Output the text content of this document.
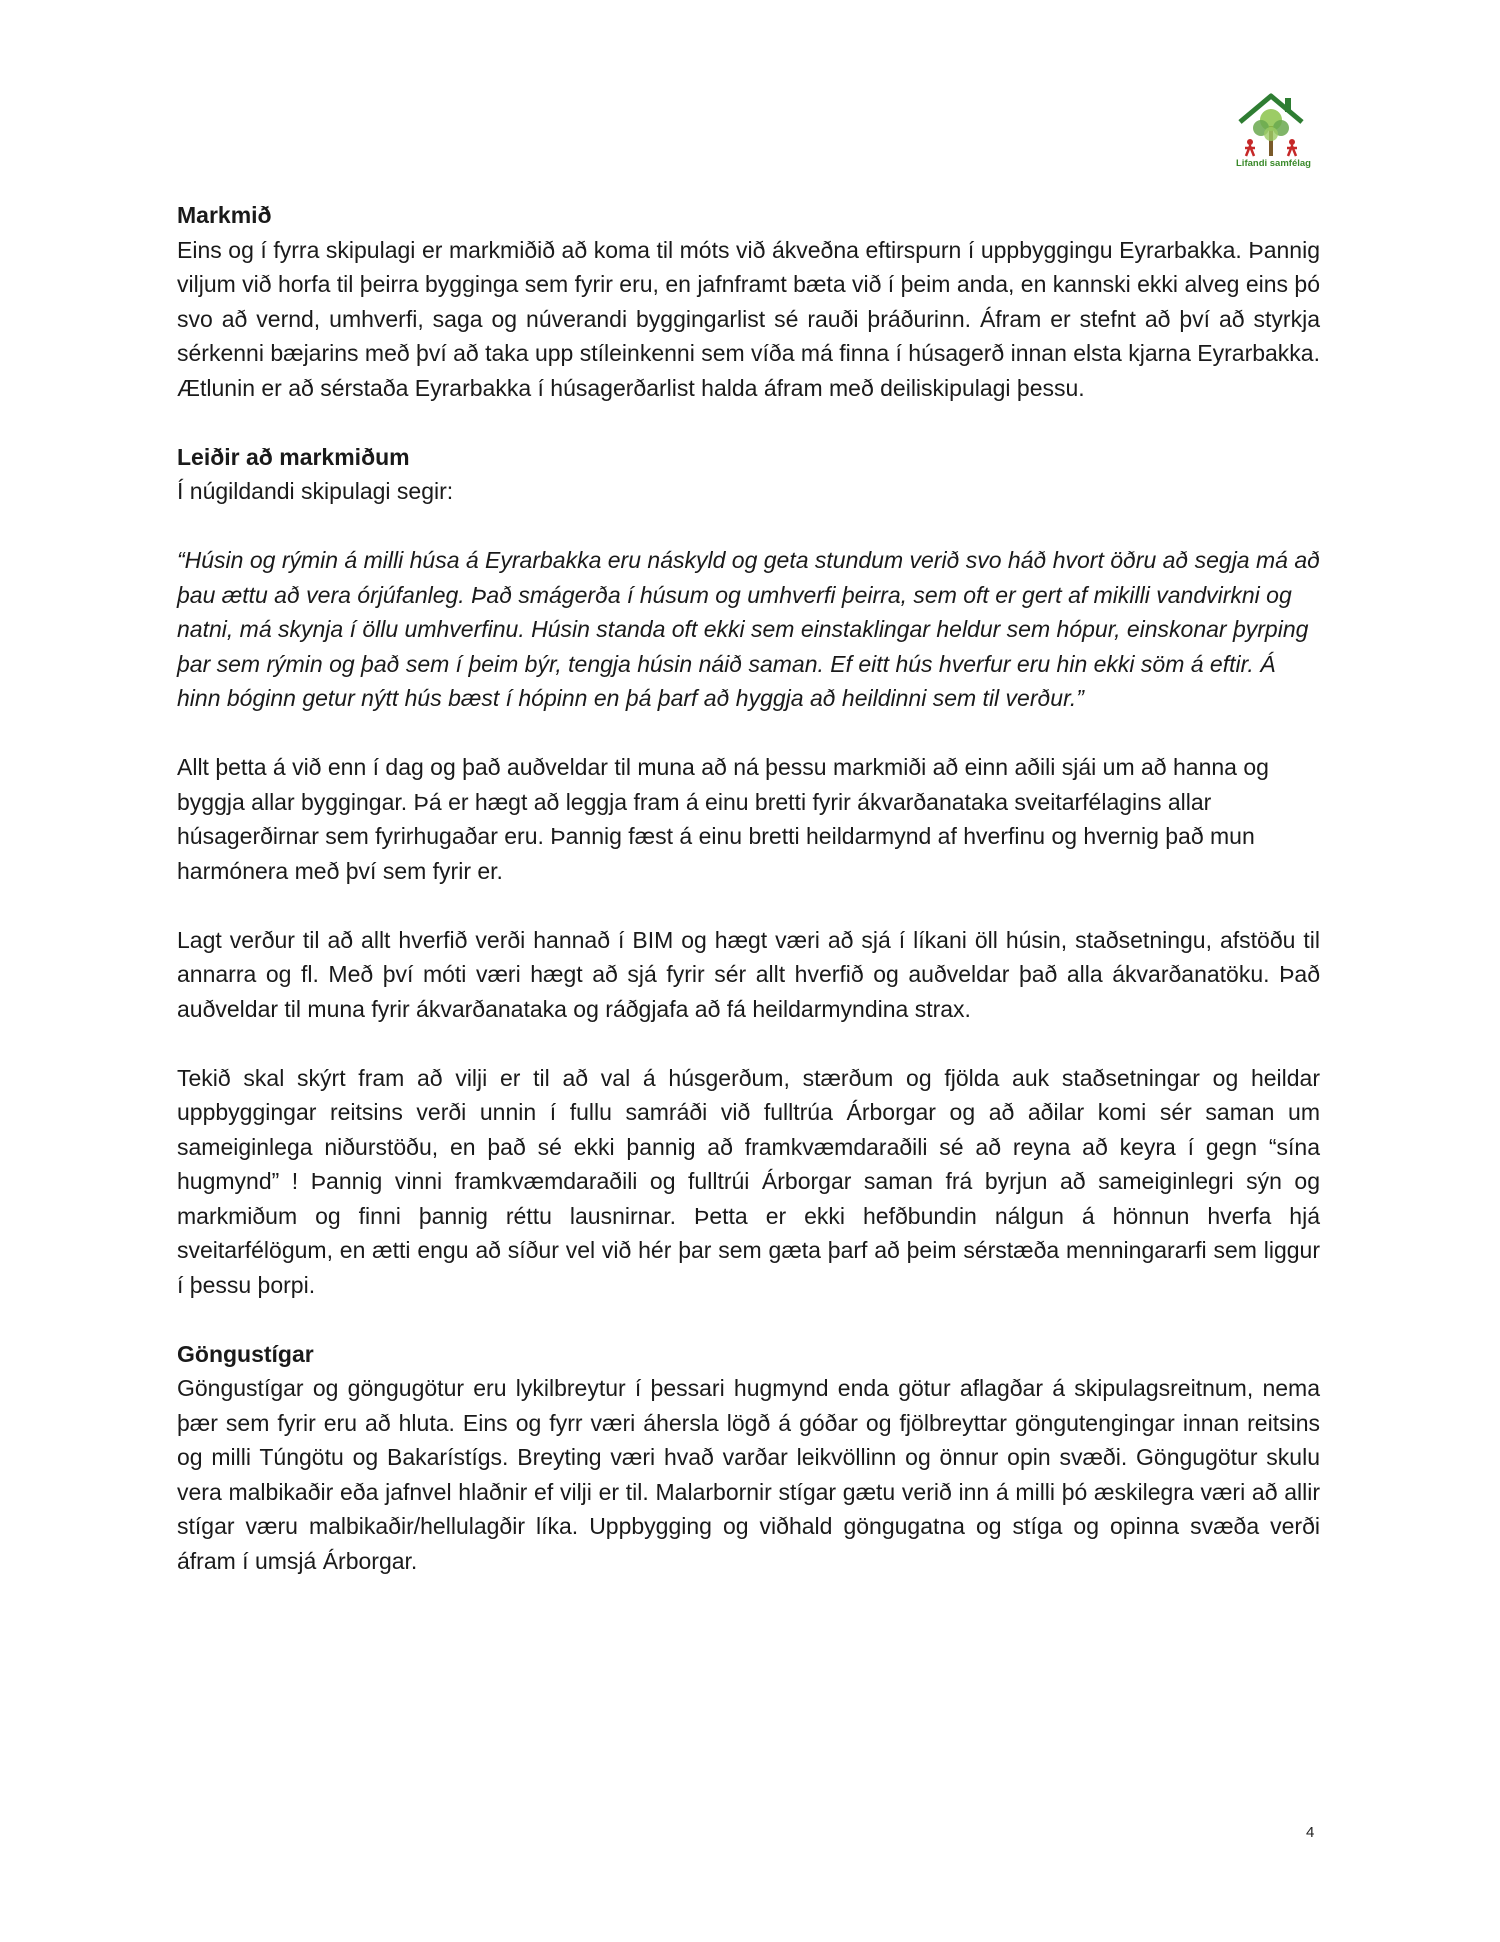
Lifandi samfélag

Markmið

Eins og í fyrra skipulagi er markmiðið að koma til móts við ákveðna eftirspurn í uppbyggingu Eyrarbakka. Þannig viljum við horfa til þeirra bygginga sem fyrir eru, en jafnframt bæta við í þeim anda, en kannski ekki alveg eins þó svo að vernd, umhverfi, saga og núverandi byggingarlist sé rauði þráðurinn. Áfram er stefnt að því að styrkja sérkenni bæjarins með því að taka upp stíleinkenni sem víða má finna í húsagerð innan elsta kjarna Eyrarbakka. Ætlunin er að sérstaða Eyrarbakka í húsagerðarlist halda áfram með deiliskipulagi þessu.

Leiðir að markmiðum

Í núgildandi skipulagi segir:

“Húsin og rýmin á milli húsa á Eyrarbakka eru náskyld og geta stundum verið svo háð hvort öðru að segja má að þau ættu að vera órjúfanleg. Það smágerða í húsum og umhverfi þeirra, sem oft er gert af mikilli vandvirkni og natni, má skynja í öllu umhverfinu. Húsin standa oft ekki sem einstaklingar heldur sem hópur, einskonar þyrping þar sem rýmin og það sem í þeim býr, tengja húsin náið saman. Ef eitt hús hverfur eru hin ekki söm á eftir. Á hinn bóginn getur nýtt hús bæst í hópinn en þá þarf að hyggja að heildinni sem til verður.”

Allt þetta á við enn í dag og það auðveldar til muna að ná þessu markmiði að einn aðili sjái um að hanna og byggja allar byggingar. Þá er hægt að leggja fram á einu bretti fyrir ákvarðanataka sveitarfélagins allar húsagerðirnar sem fyrirhugaðar eru. Þannig fæst á einu bretti heildarmynd af hverfinu og hvernig það mun harmónera með því sem fyrir er.

Lagt verður til að allt hverfið verði hannað í BIM og hægt væri að sjá í líkani öll húsin, staðsetningu, afstöðu til annarra og fl. Með því móti væri hægt að sjá fyrir sér allt hverfið og auðveldar það alla ákvarðanatöku. Það auðveldar til muna fyrir ákvarðanataka og ráðgjafa að fá heildarmyndina strax.

Tekið skal skýrt fram að vilji er til að val á húsgerðum, stærðum og fjölda auk staðsetningar og heildar uppbyggingar reitsins verði unnin í fullu samráði við fulltrúa Árborgar og að aðilar komi sér saman um sameiginlega niðurstöðu, en það sé ekki þannig að framkvæmdaraðili sé að reyna að keyra í gegn “sína hugmynd” ! Þannig vinni framkvæmdaraðili og fulltrúi Árborgar saman frá byrjun að sameiginlegri sýn og markmiðum og finni þannig réttu lausnirnar. Þetta er ekki hefðbundin nálgun á hönnun hverfa hjá sveitarfélögum, en ætti engu að síður vel við hér þar sem gæta þarf að þeim sérstæða menningararfi sem liggur í þessu þorpi.

Göngustígar

Göngustígar og göngugötur eru lykilbreytur í þessari hugmynd enda götur aflagðar á skipulagsreitnum, nema þær sem fyrir eru að hluta. Eins og fyrr væri áhersla lögð á góðar og fjölbreyttar göngutengingar innan reitsins og milli Túngötu og Bakarístígs. Breyting væri hvað varðar leikvöllinn og önnur opin svæði. Göngugötur skulu vera malbikaðir eða jafnvel hlaðnir ef vilji er til. Malarbornir stígar gætu verið inn á milli þó æskilegra væri að allir stígar væru malbikaðir/hellulagðir líka. Uppbygging og viðhald göngugatna og stíga og opinna svæða verði áfram í umsjá Árborgar.

4
